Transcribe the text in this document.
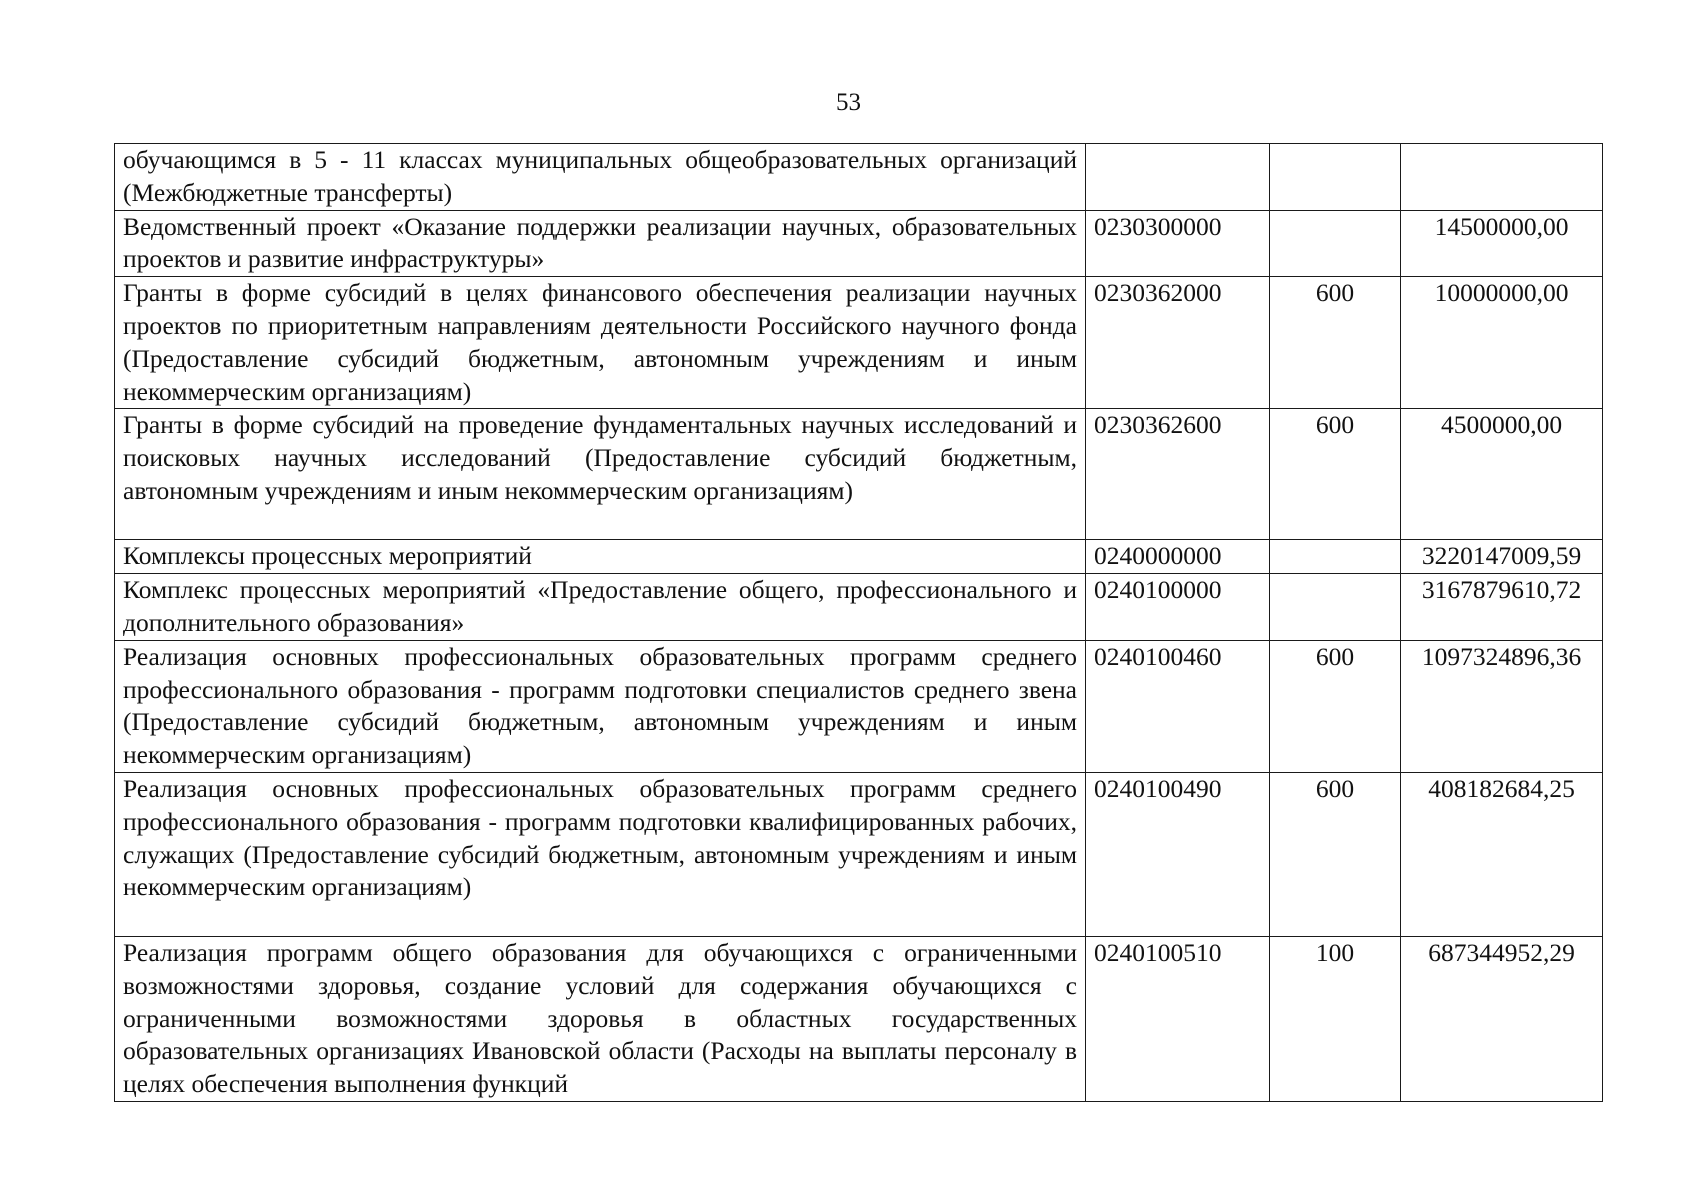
53
обучающимся в 5 - 11 классах муниципальных общеобразовательных организаций (Межбюджетные трансферты)			
Ведомственный проект «Оказание поддержки реализации научных, образовательных проектов и развитие инфраструктуры»	0230300000		14500000,00
Гранты в форме субсидий в целях финансового обеспечения реализации научных проектов по приоритетным направлениям деятельности Российского научного фонда (Предоставление субсидий бюджетным, автономным учреждениям и иным некоммерческим организациям)	0230362000	600	10000000,00
Гранты в форме субсидий на проведение фундаментальных научных исследований и поисковых научных исследований (Предоставление субсидий бюджетным, автономным учреждениям и иным некоммерческим организациям)	0230362600	600	4500000,00
Комплексы процессных мероприятий	0240000000		3220147009,59
Комплекс процессных мероприятий «Предоставление общего, профессионального и дополнительного образования»	0240100000		3167879610,72
Реализация основных профессиональных образовательных программ среднего профессионального образования - программ подготовки специалистов среднего звена (Предоставление субсидий бюджетным, автономным учреждениям и иным некоммерческим организациям)	0240100460	600	1097324896,36
Реализация основных профессиональных образовательных программ среднего профессионального образования - программ подготовки квалифицированных рабочих, служащих (Предоставление субсидий бюджетным, автономным учреждениям и иным некоммерческим организациям)	0240100490	600	408182684,25
Реализация программ общего образования для обучающихся с ограниченными возможностями здоровья, создание условий для содержания обучающихся с ограниченными возможностями здоровья в областных государственных образовательных организациях Ивановской области (Расходы на выплаты персоналу в целях обеспечения выполнения функций	0240100510	100	687344952,29
